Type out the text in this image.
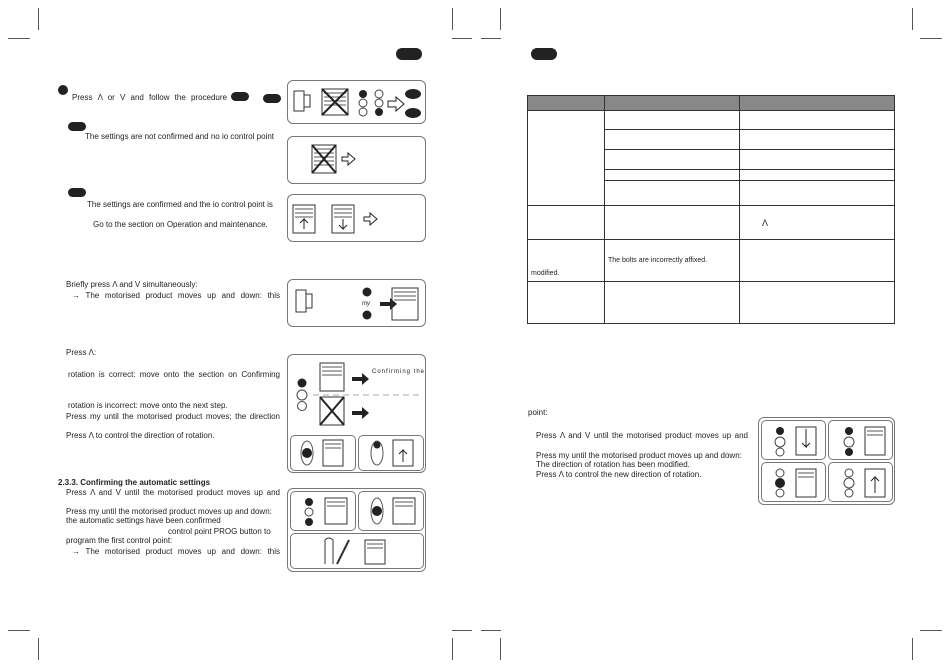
Press Λ or V and follow the procedure
The settings are not confirmed and no io control point
The settings are confirmed and the io control point is
Go to the section on Operation and maintenance.
Briefly press Λ and V simultaneously:
→ The motorised product moves up and down: this
Press Λ:
rotation is correct: move onto the section on Confirming
rotation is incorrect: move onto the next step.
Press my until the motorised product moves; the direction
Press Λ to control the direction of rotation.
2.3.3. Confirming the automatic settings
Press Λ and V until the motorised product moves up and
Press my until the motorised product moves up and down:
the automatic settings have been confirmed
control point PROG button to
program the first control point:
→ The motorised product moves up and down: this
my
Confirming the

		Λ
modified.	The bolts are incorrectly affixed.	

point:
Press Λ and V until the motorised product moves up and
Press my until the motorised product moves up and down:
The direction of rotation has been modified.
Press Λ to control the new direction of rotation.
